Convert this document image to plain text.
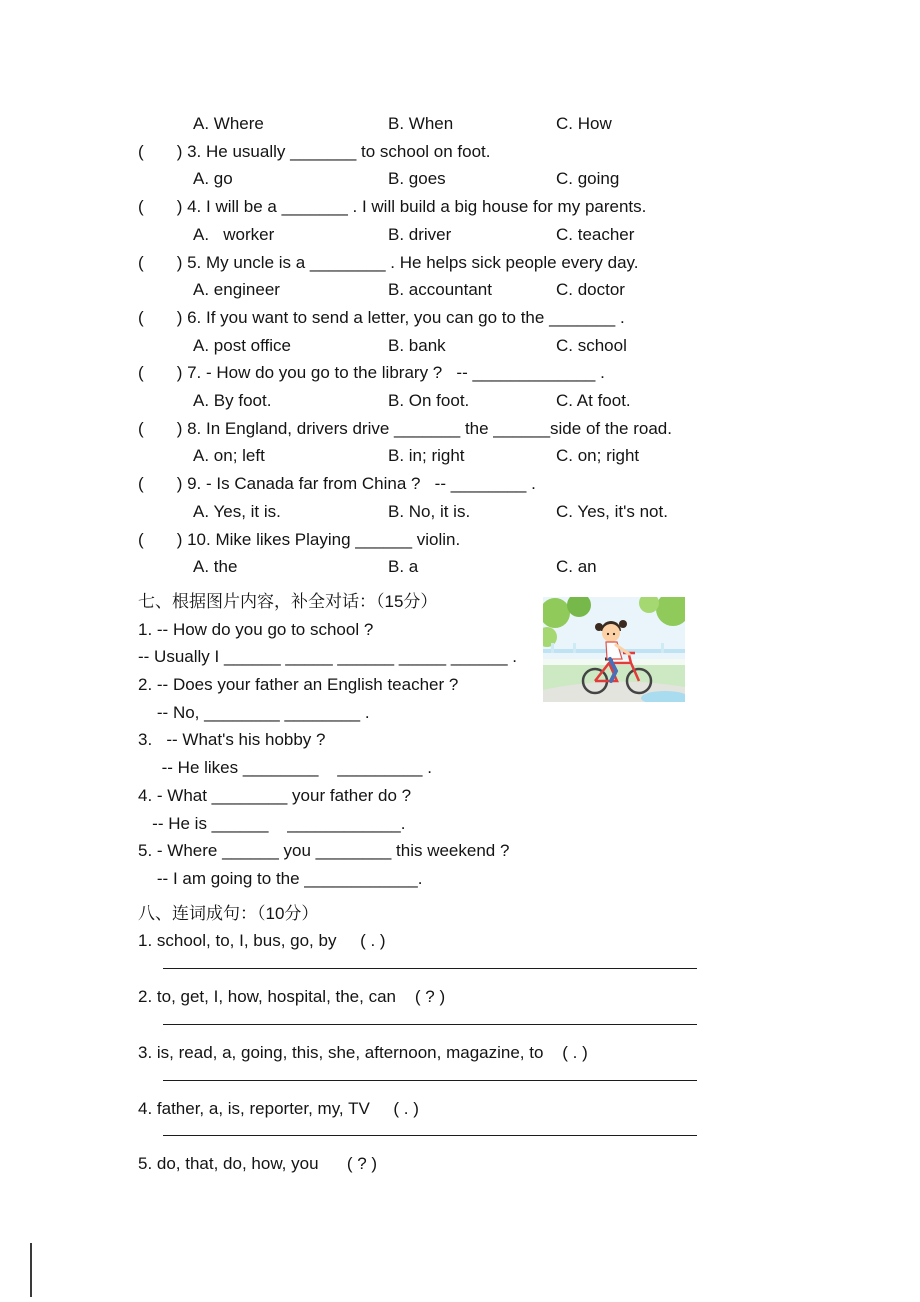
A. Where	B. When	C. How
(       ) 3. He usually _______ to school on foot.
A. go	B. goes	C. going
(       ) 4. I will be a _______ . I will build a big house for my parents.
A.   worker	B. driver	C. teacher
(       ) 5. My uncle is a ________ . He helps sick people every day.
A. engineer	B. accountant	C. doctor
(       ) 6. If you want to send a letter, you can go to the _______ .
A. post office	B. bank	C. school
(       ) 7. - How do you go to the library ?   -- _____________ .
A. By foot.	B. On foot.	C. At foot.
(       ) 8. In England, drivers drive _______ the ______side of the road.
A. on; left	B. in; right	C. on; right
(       ) 9. - Is Canada far from China ?   -- ________ .
A. Yes, it is.	B. No, it is.	C. Yes, it's not.
(       ) 10. Mike likes Playing ______ violin.
A. the	B. a	C. an
七、根据图片内容，补全对话：（15分）
1. -- How do you go to school ?
-- Usually I ______ _____ ______ _____ ______ .
2. -- Does your father an English teacher ?
-- No, ________ ________ .
3.   -- What's his hobby ?
-- He likes ________    _________ .
4. - What ________ your father do ?
-- He is ______    ____________.
5. - Where ______ you ________ this weekend ?
-- I am going to the ____________.
八、连词成句：（10分）
1. school, to, I, bus, go, by     ( . )
2. to, get, I, how, hospital, the, can    ( ? )
3. is, read, a, going, this, she, afternoon, magazine, to    ( . )
4. father, a, is, reporter, my, TV     ( . )
5. do, that, do, how, you      ( ? )
